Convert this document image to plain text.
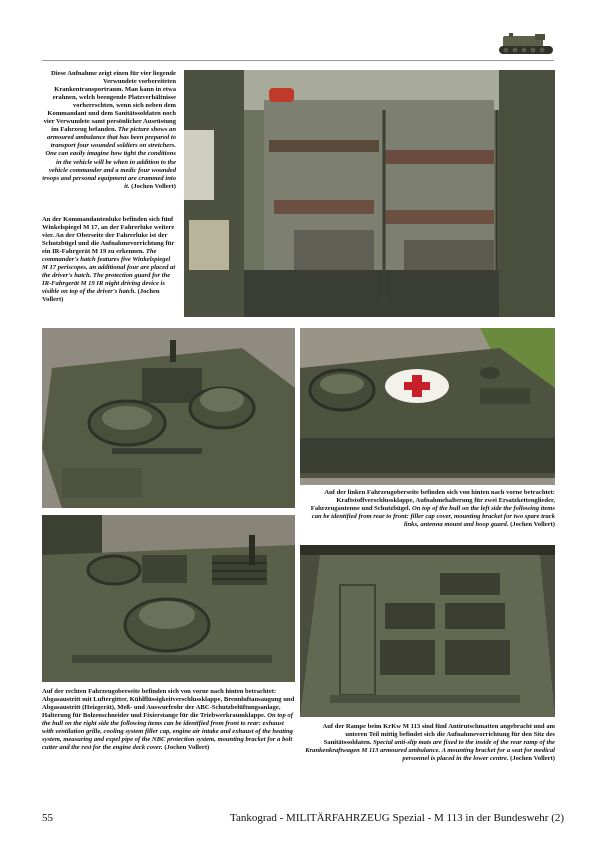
Diese Aufnahme zeigt einen für vier liegende Verwundete vorbereiteten Krankentransportraum. Man kann in etwa erahnen, welch beengende Platzverhältnisse vorherrschten, wenn sich neben dem Kommandant und dem Sanitätssoldaten noch vier Verwundete samt persönlicher Ausrüstung im Fahrzeug befanden. The picture shows an armoured ambulance that has been prepared to transport four wounded soldiers on stretchers. One can easily imagine how tight the conditions in the vehicle will be when in addition to the vehicle commander and a medic four wounded troops and personal equipment are crammed into it. (Jochen Vollert)
An der Kommandantenluke befinden sich fünf Winkelspiegel M 17, an der Fahrerluke weitere vier. An der Oberseite der Fahrerluke ist der Schutzbügel und die Aufnahmevorrichtung für ein IR-Fahrgerät M 19 zu erkennen. The commander's hatch features five Winkelspiegel M 17 periscopes, an additional four are placed at the driver's hatch. The protection guard for the IR-Fahrgerät M 19 IR night driving device is visible on top of the driver's hatch. (Jochen Vollert)
Auf der linken Fahrzeugoberseite befinden sich von hinten nach vorne betrachtet: Kraftstoffverschlussklappe, Aufnahmehalterung für zwei Ersatzkettenglieder, Fahrzeugantenne und Schutzbügel. On top of the hull on the left side the following items can be identified from rear to front: filler cap cover, mounting bracket for two spare track links, antenna mount and hoop guard. (Jochen Vollert)
Auf der rechten Fahrzeugoberseite befinden sich von vorne nach hinten betrachtet: Abgasaustritt mit Luftergitter, Kühlflüssigkeitverschlussklappe, Brennluftansaugung und Abgasaustritt (Heizgerät), Meß- und Auswurfrohr der ABC-Schutzbelüftungsanlage, Halterung für Bolzenschneider und Fixierstange für die Triebwerkraumklappe. On top of the hull on the right side the following items can be identified from front to rear: exhaust with ventilation grille, cooling system filler cap, engine air intake and exhaust of the heating system, measuring and expel pipe of the NBC protection system, mounting bracket for a bolt cutter and the rest for the engine deck cover. (Jochen Vollert)
Auf der Rampe beim KrKw M 113 sind fünf Antirutschmatten angebracht und am unteren Teil mittig befindet sich die Aufnahmevorrichtung für den Sitz des Sanitätssoldaten. Special anti-slip mats are fixed to the inside of the rear ramp of the Krankenkraftwagen M 113 armoured ambulance. A mounting bracket for a seat for medical personnel is placed in the lower centre. (Jochen Vollert)
55	Tankograd - MILITÄRFAHRZEUG Spezial - M 113 in der Bundeswehr (2)
